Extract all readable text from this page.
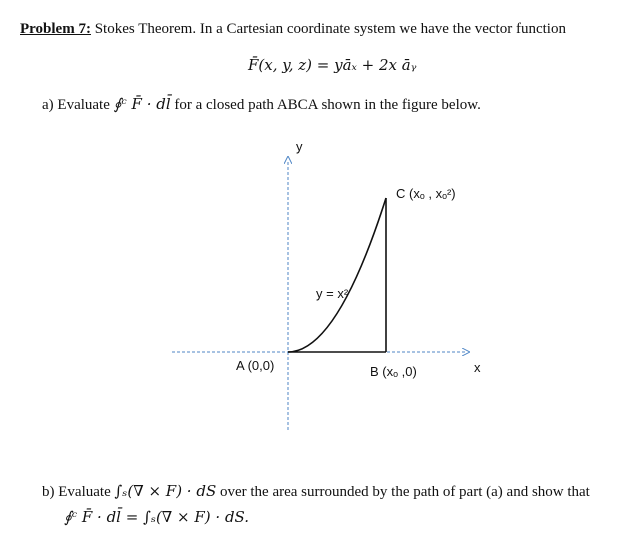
Problem 7: Stokes Theorem. In a Cartesian coordinate system we have the vector function
F̄(x, y, z) = yāₓ + 2x āᵧ
a) Evaluate ∮ᶜ F̄ · dl̄ for a closed path ABCA shown in the figure below.
y
x
A (0,0)	B (xₒ ,0)
C (xₒ , xₒ²)
y = x²
b) Evaluate ∫ₛ(∇ × F) · dS over the area surrounded by the path of part (a) and show that
∮ᶜ F̄ · dl̄ = ∫ₛ(∇ × F) · dS.
